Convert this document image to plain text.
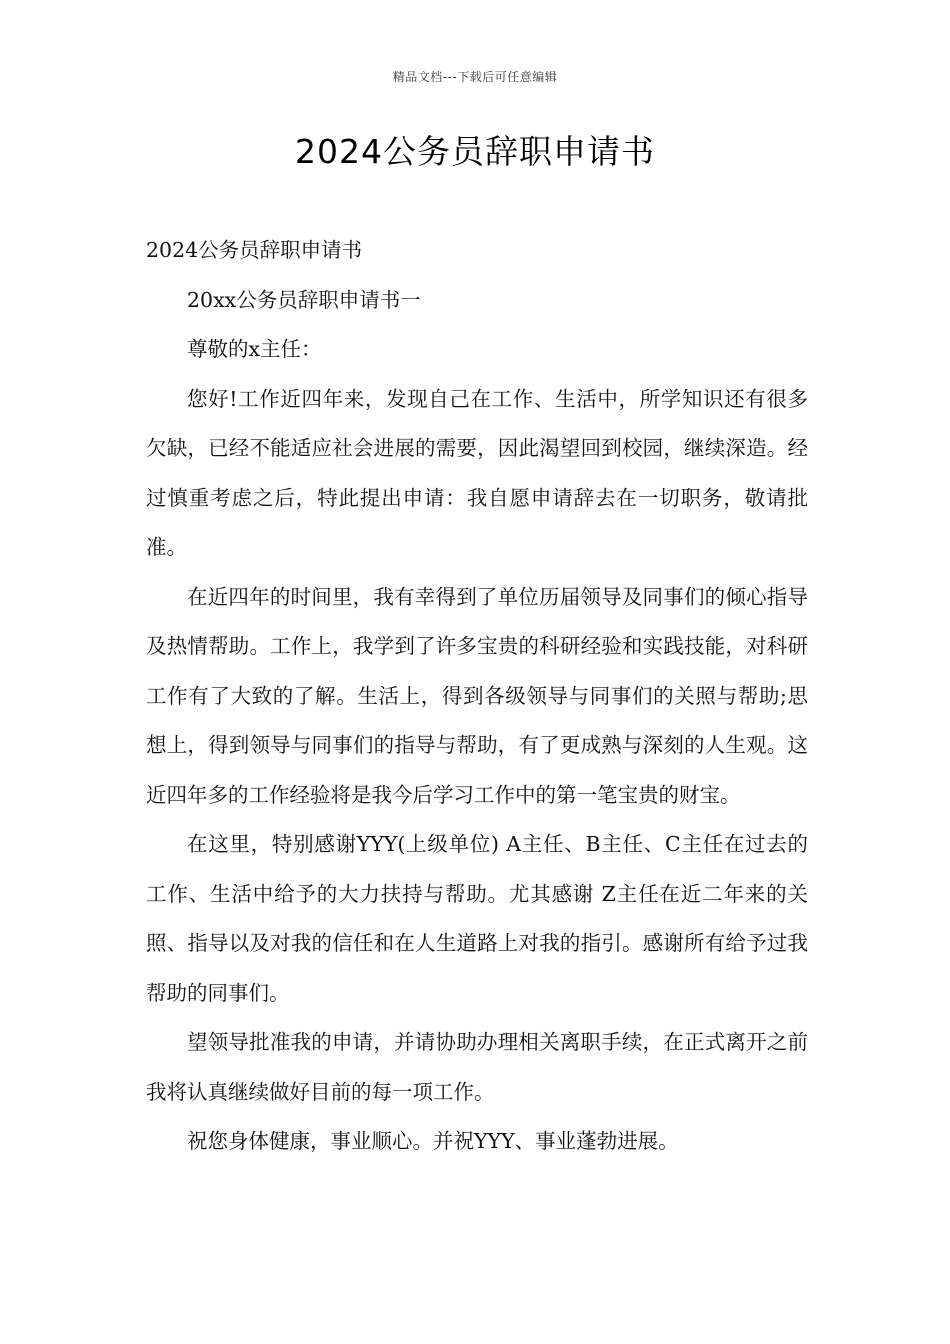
精品文档---下载后可任意编辑
2024公务员辞职申请书

2024公务员辞职申请书

20xx公务员辞职申请书一

尊敬的x主任：

您好!工作近四年来，发现自己在工作、生活中，所学知识还有很多欠缺，已经不能适应社会进展的需要，因此渴望回到校园，继续深造。经过慎重考虑之后，特此提出申请：我自愿申请辞去在一切职务，敬请批准。

在近四年的时间里，我有幸得到了单位历届领导及同事们的倾心指导及热情帮助。工作上，我学到了许多宝贵的科研经验和实践技能，对科研工作有了大致的了解。生活上，得到各级领导与同事们的关照与帮助;思想上，得到领导与同事们的指导与帮助，有了更成熟与深刻的人生观。这近四年多的工作经验将是我今后学习工作中的第一笔宝贵的财宝。

在这里，特别感谢YYY(上级单位) A主任、B主任、C主任在过去的工作、生活中给予的大力扶持与帮助。尤其感谢 Z主任在近二年来的关照、指导以及对我的信任和在人生道路上对我的指引。感谢所有给予过我帮助的同事们。

望领导批准我的申请，并请协助办理相关离职手续，在正式离开之前我将认真继续做好目前的每一项工作。

祝您身体健康，事业顺心。并祝YYY、事业蓬勃进展。
